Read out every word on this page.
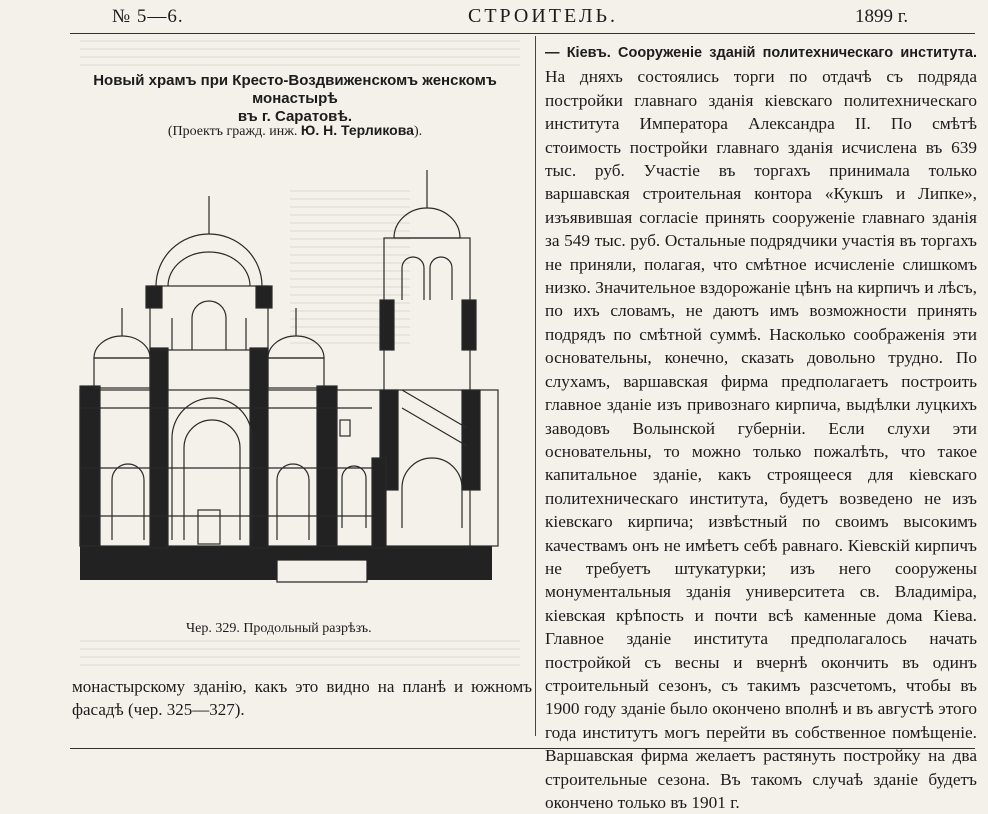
№ 5—6.	СТРОИТЕЛЬ.	1899 г.
Новый храмъ при Кресто-Воздвиженскомъ женскомъ монастырѣ
въ г. Саратовѣ.
(Проектъ гражд. инж. Ю. Н. Терликова).
Чер. 329. Продольный разрѣзъ.
монастырскому зданію, какъ это видно на планѣ и южномъ фасадѣ (чер. 325—327).
— Кіевъ. Сооруженіе зданій политехническаго института. На дняхъ состоялись торги по отдачѣ съ подряда постройки главнаго зданія кіевскаго политехническаго института Императора Александра II. По смѣтѣ стоимость постройки главнаго зданія исчислена въ 639 тыс. руб. Участіе въ торгахъ принимала только варшавская строительная контора «Кукшъ и Липке», изъявившая согласіе принять сооруженіе главнаго зданія за 549 тыс. руб. Остальные подрядчики участія въ торгахъ не приняли, полагая, что смѣтное исчисленіе слишкомъ низко. Значительное вздорожаніе цѣнъ на кирпичъ и лѣсъ, по ихъ словамъ, не даютъ имъ возможности принять подрядъ по смѣтной суммѣ. Насколько соображенія эти основательны, конечно, сказать довольно трудно. По слухамъ, варшавская фирма предполагаетъ построить главное зданіе изъ привознаго кирпича, выдѣлки луцкихъ заводовъ Волынской губерніи. Если слухи эти основательны, то можно только пожалѣть, что такое капитальное зданіе, какъ строящееся для кіевскаго политехническаго института, будетъ возведено не изъ кіевскаго кирпича; извѣстный по своимъ высокимъ качествамъ онъ не имѣетъ себѣ равнаго. Кіевскій кирпичъ не требуетъ штукатурки; изъ него сооружены монументальныя зданія университета св. Владиміра, кіевская крѣпость и почти всѣ каменные дома Кіева. Главное зданіе института предполагалось начать постройкой съ весны и вчернѣ окончить въ одинъ строительный сезонъ, съ такимъ разсчетомъ, чтобы въ 1900 году зданіе было окончено вполнѣ и въ августѣ этого года институтъ могъ перейти въ собственное помѣщеніе. Варшавская фирма желаетъ растянуть постройку на два строительные сезона. Въ такомъ случаѣ зданіе будетъ окончено только въ 1901 г.
